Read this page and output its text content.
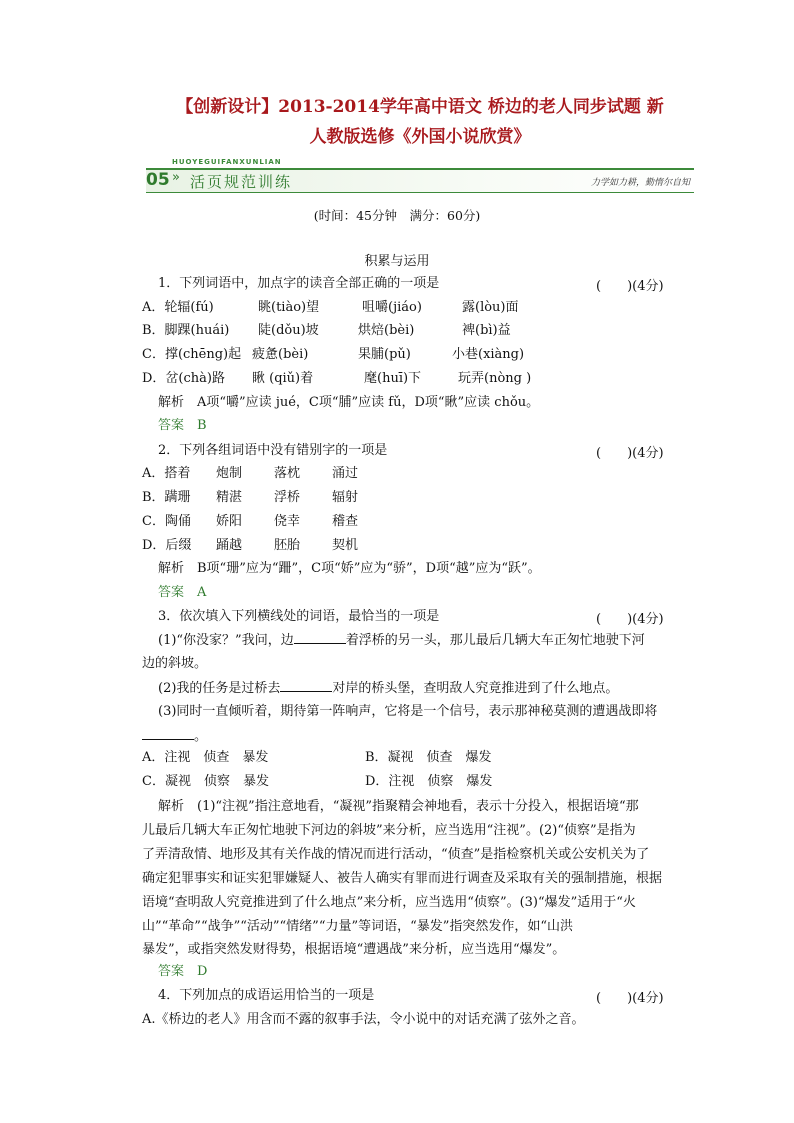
【创新设计】2013-2014学年高中语文 桥边的老人同步试题 新
人教版选修《外国小说欣赏》
HUOYEGUIFANXUNLIAN
05 » 活页规范训练	力学如力耕，勤惰尔自知
(时间：45分钟　满分：60分)
积累与运用
1．下列词语中，加点字的读音全部正确的一项是	(　　)(4分)
A．轮辐(fú)	眺(tiào)望	咀嚼(jiáo)	露(lòu)面
B．脚踝(huái) 陡(dǒu)坡	烘焙(bèi)	裨(bì)益
C．撑(chēng)起 疲惫(bèi)	果脯(pǔ)	小巷(xiàng)
D．岔(chà)路 瞅 (qiǔ)着	麾(huī)下	玩弄(nòng )
解析　A项“嚼”应读 jué，C项“脯”应读 fǔ，D项“瞅”应读 chǒu。
答案　B
2．下列各组词语中没有错别字的一项是	(　　)(4分)
A．搭着 炮制 落枕 涌过
B．蹒珊 精湛 浮桥 辐射
C．陶俑 娇阳 侥幸 稽查
D．后缀 踊越 胚胎 契机
解析　B项“珊”应为“跚”，C项“娇”应为“骄”，D项“越”应为“跃”。
答案　A
3．依次填入下列横线处的词语，最恰当的一项是	(　　)(4分)
(1)“你没家？”我问，边	着浮桥的另一头，那儿最后几辆大车正匆忙地驶下河
边的斜坡。
(2)我的任务是过桥去	对岸的桥头堡，查明敌人究竟推进到了什么地点。
(3)同时一直倾听着，期待第一阵响声，它将是一个信号，表示那神秘莫测的遭遇战即将
。
A．注视　侦查　暴发	B．凝视　侦查　爆发
C．凝视　侦察　暴发	D．注视　侦察　爆发
解析　(1)“注视”指注意地看，“凝视”指聚精会神地看，表示十分投入，根据语境“那
儿最后几辆大车正匆忙地驶下河边的斜坡”来分析，应当选用“注视”。(2)“侦察”是指为
了弄清敌情、地形及其有关作战的情况而进行活动，“侦查”是指检察机关或公安机关为了
确定犯罪事实和证实犯罪嫌疑人、被告人确实有罪而进行调查及采取有关的强制措施，根据
语境“查明敌人究竟推进到了什么地点”来分析，应当选用“侦察”。(3)“爆发”适用于“火
山”“革命”“战争”“活动”“情绪”“力量”等词语，“暴发”指突然发作，如“山洪
暴发”，或指突然发财得势，根据语境“遭遇战”来分析，应当选用“爆发”。
答案　D
4．下列加点的成语运用恰当的一项是	(　　)(4分)
A.《桥边的老人》用含而不露的叙事手法，令小说中的对话充满了弦外之音。
